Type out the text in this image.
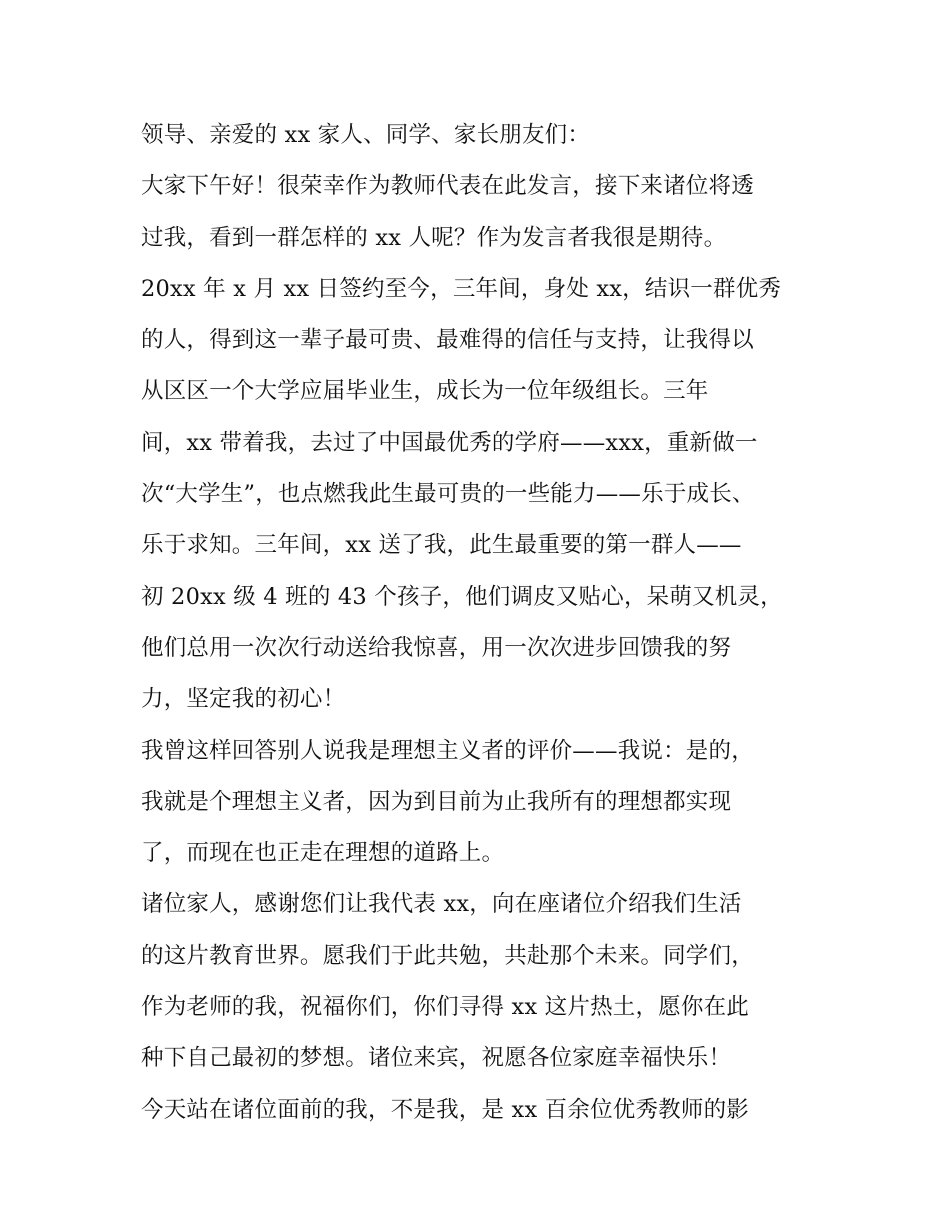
领导、亲爱的 xx 家人、同学、家长朋友们：
大家下午好！很荣幸作为教师代表在此发言，接下来诸位将透
过我，看到一群怎样的 xx 人呢？作为发言者我很是期待。
20xx 年 x 月 xx 日签约至今，三年间，身处 xx，结识一群优秀
的人，得到这一辈子最可贵、最难得的信任与支持，让我得以
从区区一个大学应届毕业生，成长为一位年级组长。三年
间，xx 带着我，去过了中国最优秀的学府——xxx，重新做一
次“大学生”，也点燃我此生最可贵的一些能力——乐于成长、
乐于求知。三年间，xx 送了我，此生最重要的第一群人——
初 20xx 级 4 班的 43 个孩子，他们调皮又贴心，呆萌又机灵，
他们总用一次次行动送给我惊喜，用一次次进步回馈我的努
力，坚定我的初心！
我曾这样回答别人说我是理想主义者的评价——我说：是的，
我就是个理想主义者，因为到目前为止我所有的理想都实现
了，而现在也正走在理想的道路上。
诸位家人，感谢您们让我代表 xx，向在座诸位介绍我们生活
的这片教育世界。愿我们于此共勉，共赴那个未来。同学们，
作为老师的我，祝福你们，你们寻得 xx 这片热土，愿你在此
种下自己最初的梦想。诸位来宾，祝愿各位家庭幸福快乐！
今天站在诸位面前的我，不是我，是 xx 百余位优秀教师的影
